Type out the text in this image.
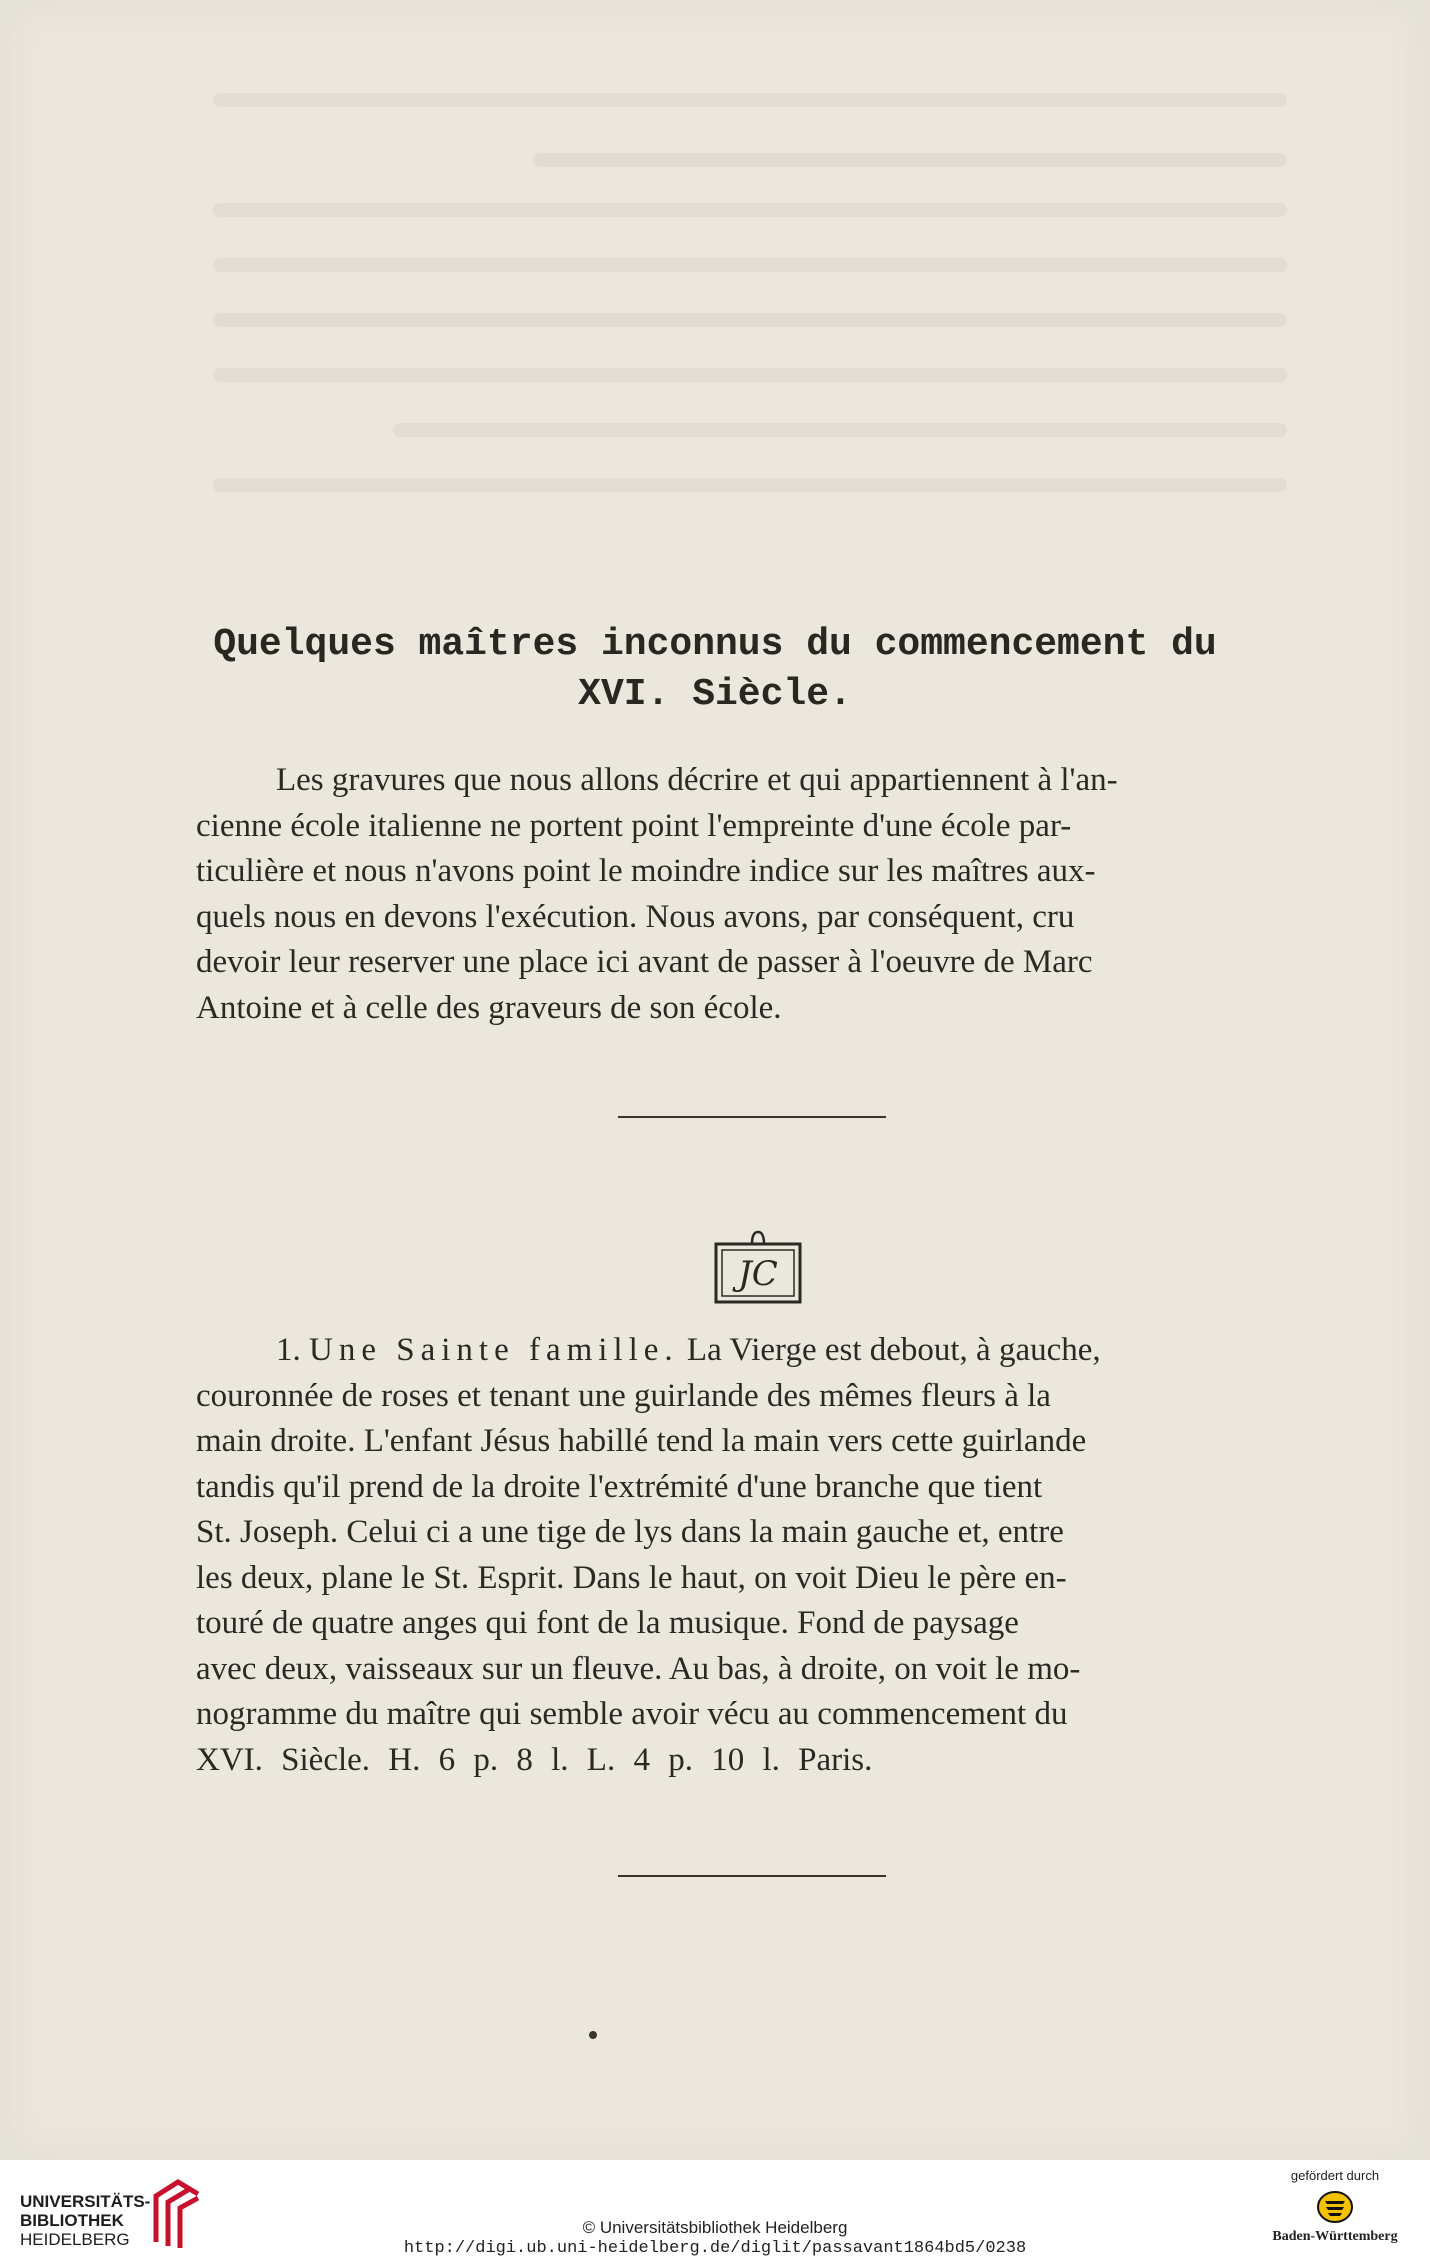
Quelques maîtres inconnus du commencement du
XVI. Siècle.
Les gravures que nous allons décrire et qui appartiennent à l'an-
cienne école italienne ne portent point l'empreinte d'une école par-
ticulière et nous n'avons point le moindre indice sur les maîtres aux-
quels nous en devons l'exécution. Nous avons, par conséquent, cru
devoir leur reserver une place ici avant de passer à l'oeuvre de Marc
Antoine et à celle des graveurs de son école.
JC
1. Une Sainte famille. La Vierge est debout, à gauche,
couronnée de roses et tenant une guirlande des mêmes fleurs à la
main droite. L'enfant Jésus habillé tend la main vers cette guirlande
tandis qu'il prend de la droite l'extrémité d'une branche que tient
St. Joseph. Celui ci a une tige de lys dans la main gauche et, entre
les deux, plane le St. Esprit. Dans le haut, on voit Dieu le père en-
touré de quatre anges qui font de la musique. Fond de paysage
avec deux, vaisseaux sur un fleuve. Au bas, à droite, on voit le mo-
nogramme du maître qui semble avoir vécu au commencement du
XVI. Siècle. H. 6 p. 8 l. L. 4 p. 10 l. Paris.
UNIVERSITÄTS-
BIBLIOTHEK
HEIDELBERG
© Universitätsbibliothek Heidelberg
http://digi.ub.uni-heidelberg.de/diglit/passavant1864bd5/0238
gefördert durch
Baden-Württemberg
